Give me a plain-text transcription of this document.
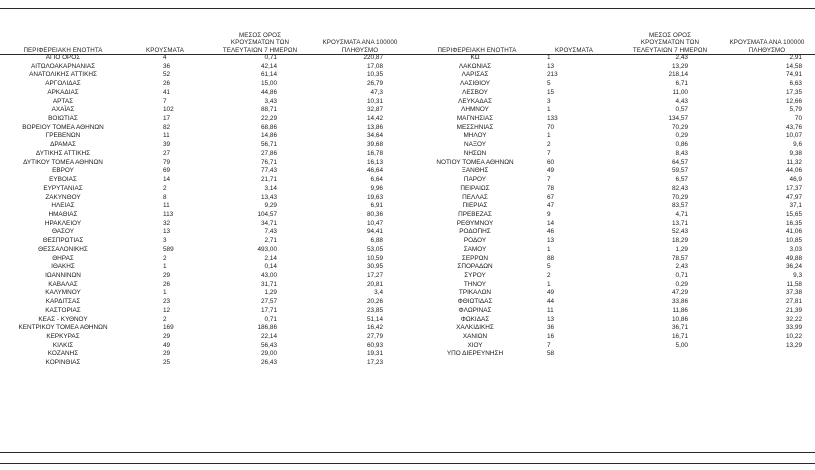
ΠΕΡΙΦΕΡΕΙΑΚΗ ΕΝΟΤΗΤΑ	ΚΡΟΥΣΜΑΤΑ
ΜΕΣΟΣ ΟΡΟΣ
ΚΡΟΥΣΜΑΤΩΝ ΤΩΝ
ΤΕΛΕΥΤΑΙΩΝ 7 ΗΜΕΡΩΝ
ΚΡΟΥΣΜΑΤΑ ΑΝΑ 100000
ΠΛΗΘΥΣΜΟ	ΠΕΡΙΦΕΡΕΙΑΚΗ ΕΝΟΤΗΤΑ	ΚΡΟΥΣΜΑΤΑ
ΜΕΣΟΣ ΟΡΟΣ
ΚΡΟΥΣΜΑΤΩΝ ΤΩΝ
ΤΕΛΕΥΤΑΙΩΝ 7 ΗΜΕΡΩΝ
ΚΡΟΥΣΜΑΤΑ ΑΝΑ 100000
ΠΛΗΘΥΣΜΟ
ΑΓΙΟ ΟΡΟΣ	4	0,71	220,87
ΑΙΤΩΛΟΑΚΑΡΝΑΝΙΑΣ	36	42,14	17,08
ΑΝΑΤΟΛΙΚΗΣ ΑΤΤΙΚΗΣ	52	61,14	10,35
ΑΡΓΟΛΙΔΑΣ	26	15,00	26,79
ΑΡΚΑΔΙΑΣ	41	44,86	47,3
ΑΡΤΑΣ	7	3,43	10,31
ΑΧΑΪΑΣ	102	88,71	32,87
ΒΟΙΩΤΙΑΣ	17	22,29	14,42
ΒΟΡΕΙΟΥ ΤΟΜΕΑ ΑΘΗΝΩΝ	82	68,86	13,86
ΓΡΕΒΕΝΩΝ	11	14,86	34,64
ΔΡΑΜΑΣ	39	56,71	39,68
ΔΥΤΙΚΗΣ ΑΤΤΙΚΗΣ	27	27,86	16,78
ΔΥΤΙΚΟΥ ΤΟΜΕΑ ΑΘΗΝΩΝ	79	76,71	16,13
ΕΒΡΟΥ	69	77,43	46,64
ΕΥΒΟΙΑΣ	14	21,71	6,64
ΕΥΡΥΤΑΝΙΑΣ	2	3,14	9,96
ΖΑΚΥΝΘΟΥ	8	13,43	19,63
ΗΛΕΙΑΣ	11	9,29	6,91
ΗΜΑΘΙΑΣ	113	104,57	80,36
ΗΡΑΚΛΕΙΟΥ	32	34,71	10,47
ΘΑΣΟΥ	13	7,43	94,41
ΘΕΣΠΡΩΤΙΑΣ	3	2,71	6,88
ΘΕΣΣΑΛΟΝΙΚΗΣ	589	493,00	53,05
ΘΗΡΑΣ	2	2,14	10,59
ΙΘΑΚΗΣ	1	0,14	30,95
ΙΩΑΝΝΙΝΩΝ	29	43,00	17,27
ΚΑΒΑΛΑΣ	26	31,71	20,81
ΚΑΛΥΜΝΟΥ	1	1,29	3,4
ΚΑΡΔΙΤΣΑΣ	23	27,57	20,26
ΚΑΣΤΟΡΙΑΣ	12	17,71	23,85
ΚΕΑΣ - ΚΥΘΝΟΥ	2	0,71	51,14
ΚΕΝΤΡΙΚΟΥ ΤΟΜΕΑ ΑΘΗΝΩΝ	169	186,86	16,42
ΚΕΡΚΥΡΑΣ	29	22,14	27,79
ΚΙΛΚΙΣ	49	56,43	60,93
ΚΟΖΑΝΗΣ	29	29,00	19,31
ΚΟΡΙΝΘΙΑΣ	25	26,43	17,23
ΚΩ	1	2,43	2,91
ΛΑΚΩΝΙΑΣ	13	13,29	14,58
ΛΑΡΙΣΑΣ	213	218,14	74,91
ΛΑΣΙΘΙΟΥ	5	6,71	6,63
ΛΕΣΒΟΥ	15	11,00	17,35
ΛΕΥΚΑΔΑΣ	3	4,43	12,66
ΛΗΜΝΟΥ	1	0,57	5,79
ΜΑΓΝΗΣΙΑΣ	133	134,57	70
ΜΕΣΣΗΝΙΑΣ	70	70,29	43,76
ΜΗΛΟΥ	1	0,29	10,07
ΝΑΞΟΥ	2	0,86	9,6
ΝΗΣΩΝ	7	8,43	9,38
ΝΟΤΙΟΥ ΤΟΜΕΑ ΑΘΗΝΩΝ	60	64,57	11,32
ΞΑΝΘΗΣ	49	59,57	44,06
ΠΑΡΟΥ	7	6,57	46,9
ΠΕΙΡΑΙΩΣ	78	82,43	17,37
ΠΕΛΛΑΣ	67	70,29	47,97
ΠΙΕΡΙΑΣ	47	83,57	37,1
ΠΡΕΒΕΖΑΣ	9	4,71	15,65
ΡΕΘΥΜΝΟΥ	14	13,71	16,35
ΡΟΔΟΠΗΣ	46	52,43	41,06
ΡΟΔΟΥ	13	18,29	10,85
ΣΑΜΟΥ	1	1,29	3,03
ΣΕΡΡΩΝ	88	78,57	49,88
ΣΠΟΡΑΔΩΝ	5	2,43	36,24
ΣΥΡΟΥ	2	0,71	9,3
ΤΗΝΟΥ	1	0,29	11,58
ΤΡΙΚΑΛΩΝ	49	47,29	37,38
ΦΘΙΩΤΙΔΑΣ	44	33,86	27,81
ΦΛΩΡΙΝΑΣ	11	11,86	21,39
ΦΩΚΙΔΑΣ	13	10,86	32,22
ΧΑΛΚΙΔΙΚΗΣ	36	36,71	33,99
ΧΑΝΙΩΝ	16	16,71	10,22
ΧΙΟΥ	7	5,00	13,29
ΥΠΟ ΔΙΕΡΕΥΝΗΣΗ	58
